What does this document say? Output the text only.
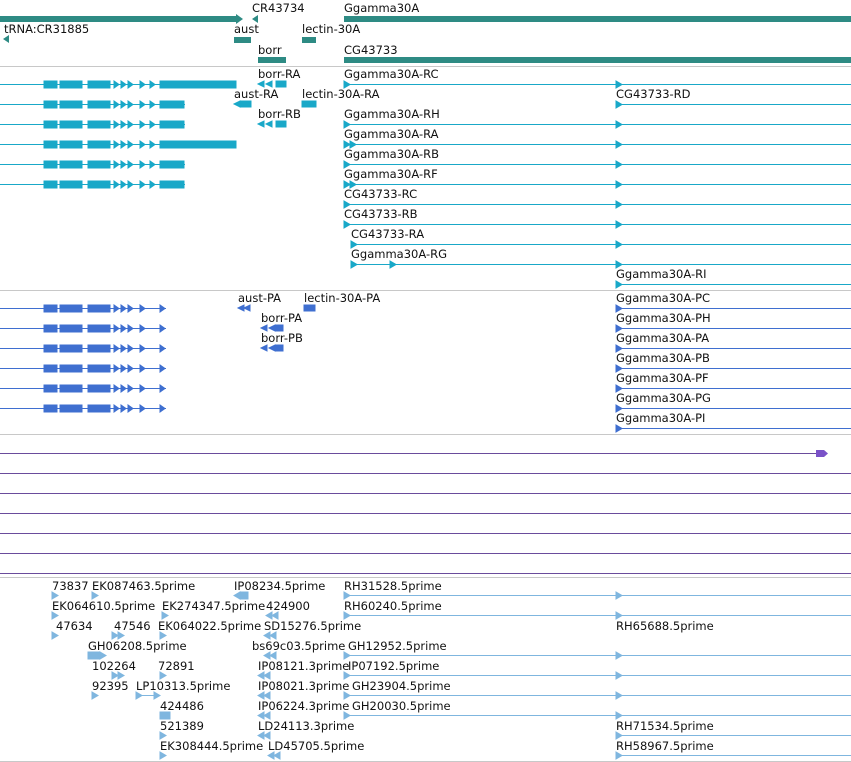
CR43734	Ggamma30A
tRNA:CR31885	aust	lectin-30A
borr	CG43733
borr-RA	Ggamma30A-RC
aust-RA lectin-30A-RA	CG43733-RD
borr-RB	Ggamma30A-RH
Ggamma30A-RA
Ggamma30A-RB
Ggamma30A-RF
CG43733-RC
CG43733-RB
CG43733-RA
Ggamma30A-RG
Ggamma30A-RI
aust-PA lectin-30A-PA	Ggamma30A-PC
borr-PA	Ggamma30A-PH
borr-PB	Ggamma30A-PA
Ggamma30A-PB
Ggamma30A-PF
Ggamma30A-PG
Ggamma30A-PI
73837 EK087463.5prime	IP08234.5prime RH31528.5prime
EK064610.5prime EK274347.5prime 424900	RH60240.5prime
47634 47546 EK064022.5prime SD15276.5prime	RH65688.5prime
GH06208.5prime	bs69c03.5prime GH12952.5prime
102264 72891	IP08121.3prime
IP07192.5prime
92395 LP10313.5prime IP08021.3prime GH23904.5prime
424486	IP06224.3prime GH20030.5prime
521389	LD24113.3prime	RH71534.5prime
EK308444.5prime LD45705.5prime	RH58967.5prime
